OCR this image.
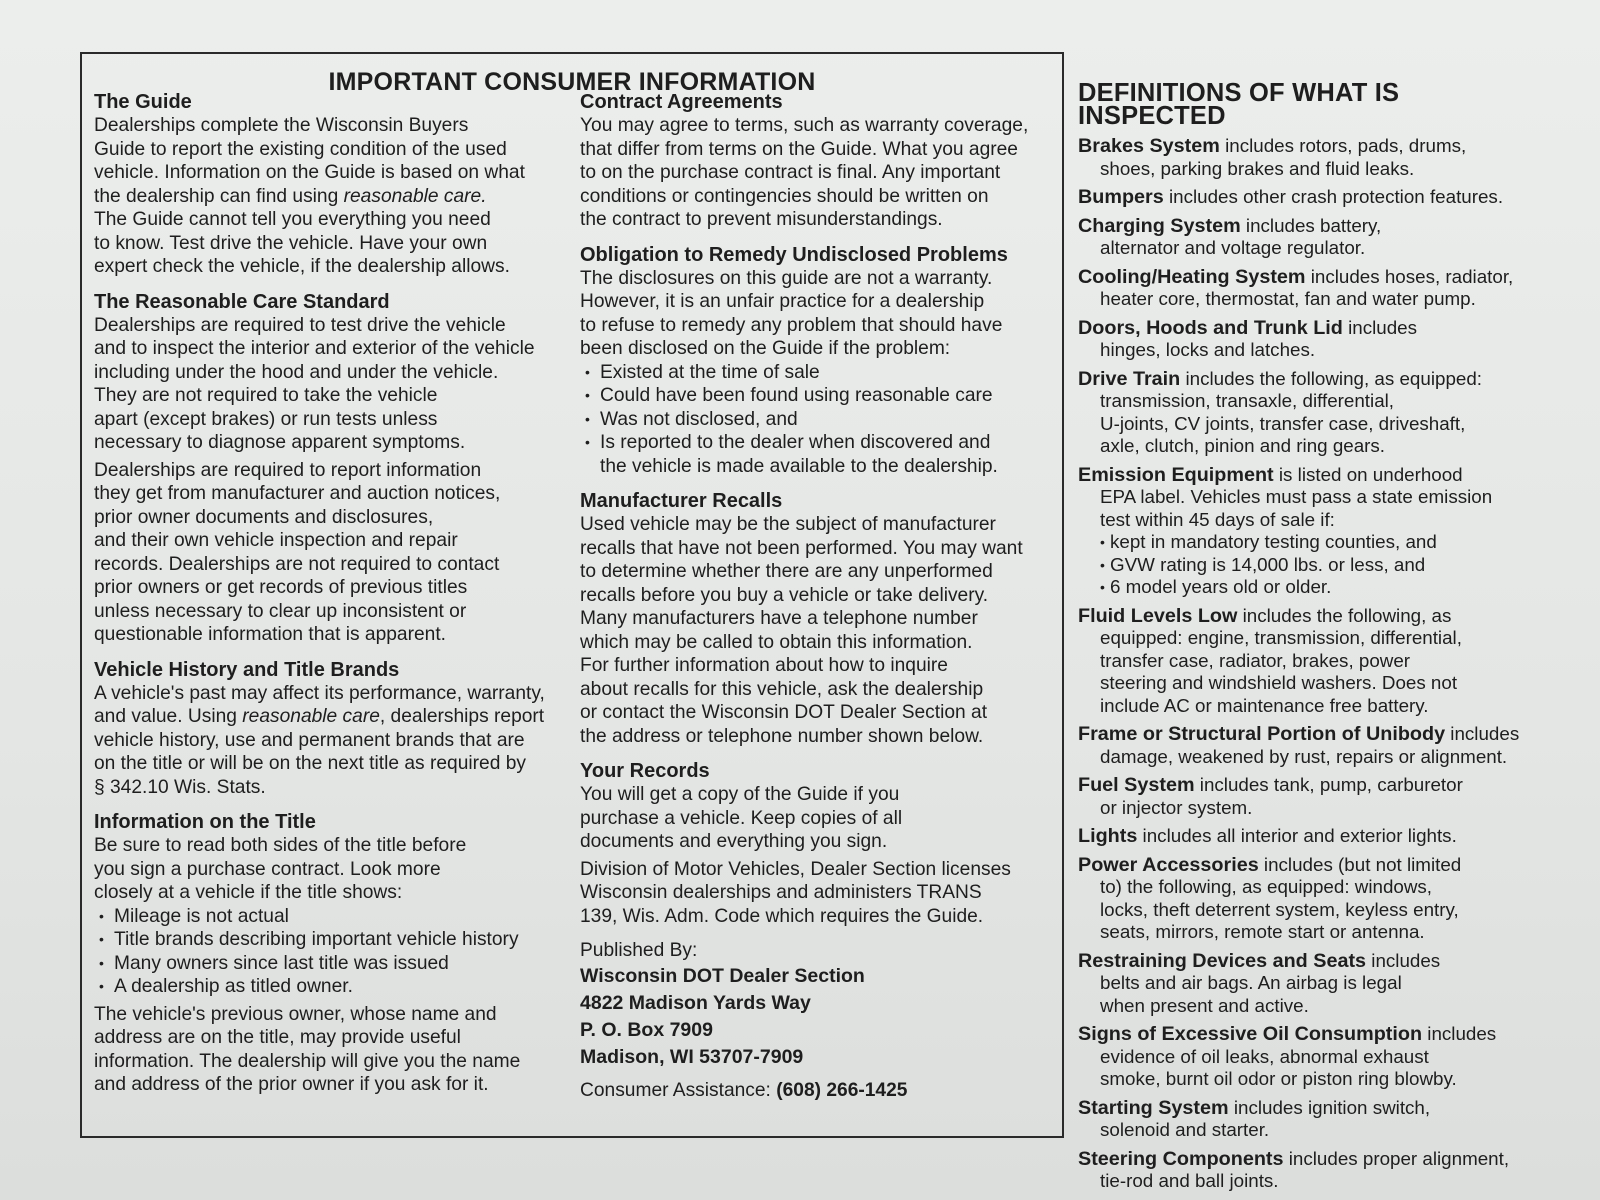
IMPORTANT CONSUMER INFORMATION
The Guide
Dealerships complete the Wisconsin Buyers
Guide to report the existing condition of the used
vehicle. Information on the Guide is based on what
the dealership can find using reasonable care.
The Guide cannot tell you everything you need
to know. Test drive the vehicle. Have your own
expert check the vehicle, if the dealership allows.
The Reasonable Care Standard
Dealerships are required to test drive the vehicle
and to inspect the interior and exterior of the vehicle
including under the hood and under the vehicle.
They are not required to take the vehicle
apart (except brakes) or run tests unless
necessary to diagnose apparent symptoms.
Dealerships are required to report information
they get from manufacturer and auction notices,
prior owner documents and disclosures,
and their own vehicle inspection and repair
records. Dealerships are not required to contact
prior owners or get records of previous titles
unless necessary to clear up inconsistent or
questionable information that is apparent.
Vehicle History and Title Brands
A vehicle's past may affect its performance, warranty,
and value. Using reasonable care, dealerships report
vehicle history, use and permanent brands that are
on the title or will be on the next title as required by
§ 342.10 Wis. Stats.
Information on the Title
Be sure to read both sides of the title before
you sign a purchase contract. Look more
closely at a vehicle if the title shows:
• Mileage is not actual
• Title brands describing important vehicle history
• Many owners since last title was issued
• A dealership as titled owner.
The vehicle's previous owner, whose name and
address are on the title, may provide useful
information. The dealership will give you the name
and address of the prior owner if you ask for it.
Contract Agreements
You may agree to terms, such as warranty coverage,
that differ from terms on the Guide. What you agree
to on the purchase contract is final. Any important
conditions or contingencies should be written on
the contract to prevent misunderstandings.
Obligation to Remedy Undisclosed Problems
The disclosures on this guide are not a warranty.
However, it is an unfair practice for a dealership
to refuse to remedy any problem that should have
been disclosed on the Guide if the problem:
• Existed at the time of sale
• Could have been found using reasonable care
• Was not disclosed, and
• Is reported to the dealer when discovered and
the vehicle is made available to the dealership.
Manufacturer Recalls
Used vehicle may be the subject of manufacturer
recalls that have not been performed. You may want
to determine whether there are any unperformed
recalls before you buy a vehicle or take delivery.
Many manufacturers have a telephone number
which may be called to obtain this information.
For further information about how to inquire
about recalls for this vehicle, ask the dealership
or contact the Wisconsin DOT Dealer Section at
the address or telephone number shown below.
Your Records
You will get a copy of the Guide if you
purchase a vehicle. Keep copies of all
documents and everything you sign.
Division of Motor Vehicles, Dealer Section licenses
Wisconsin dealerships and administers TRANS
139, Wis. Adm. Code which requires the Guide.
Published By:
Wisconsin DOT Dealer Section
4822 Madison Yards Way
P. O. Box 7909
Madison, WI 53707-7909
Consumer Assistance: (608) 266-1425
DEFINITIONS OF WHAT IS INSPECTED
Brakes System includes rotors, pads, drums,
shoes, parking brakes and fluid leaks.
Bumpers includes other crash protection features.
Charging System includes battery,
alternator and voltage regulator.
Cooling/Heating System includes hoses, radiator,
heater core, thermostat, fan and water pump.
Doors, Hoods and Trunk Lid includes
hinges, locks and latches.
Drive Train includes the following, as equipped:
transmission, transaxle, differential,
U-joints, CV joints, transfer case, driveshaft,
axle, clutch, pinion and ring gears.
Emission Equipment is listed on underhood
EPA label. Vehicles must pass a state emission
test within 45 days of sale if:
• kept in mandatory testing counties, and
• GVW rating is 14,000 lbs. or less, and
• 6 model years old or older.
Fluid Levels Low includes the following, as
equipped: engine, transmission, differential,
transfer case, radiator, brakes, power
steering and windshield washers. Does not
include AC or maintenance free battery.
Frame or Structural Portion of Unibody includes
damage, weakened by rust, repairs or alignment.
Fuel System includes tank, pump, carburetor
or injector system.
Lights includes all interior and exterior lights.
Power Accessories includes (but not limited
to) the following, as equipped: windows,
locks, theft deterrent system, keyless entry,
seats, mirrors, remote start or antenna.
Restraining Devices and Seats includes
belts and air bags. An airbag is legal
when present and active.
Signs of Excessive Oil Consumption includes
evidence of oil leaks, abnormal exhaust
smoke, burnt oil odor or piston ring blowby.
Starting System includes ignition switch,
solenoid and starter.
Steering Components includes proper alignment,
tie-rod and ball joints.
